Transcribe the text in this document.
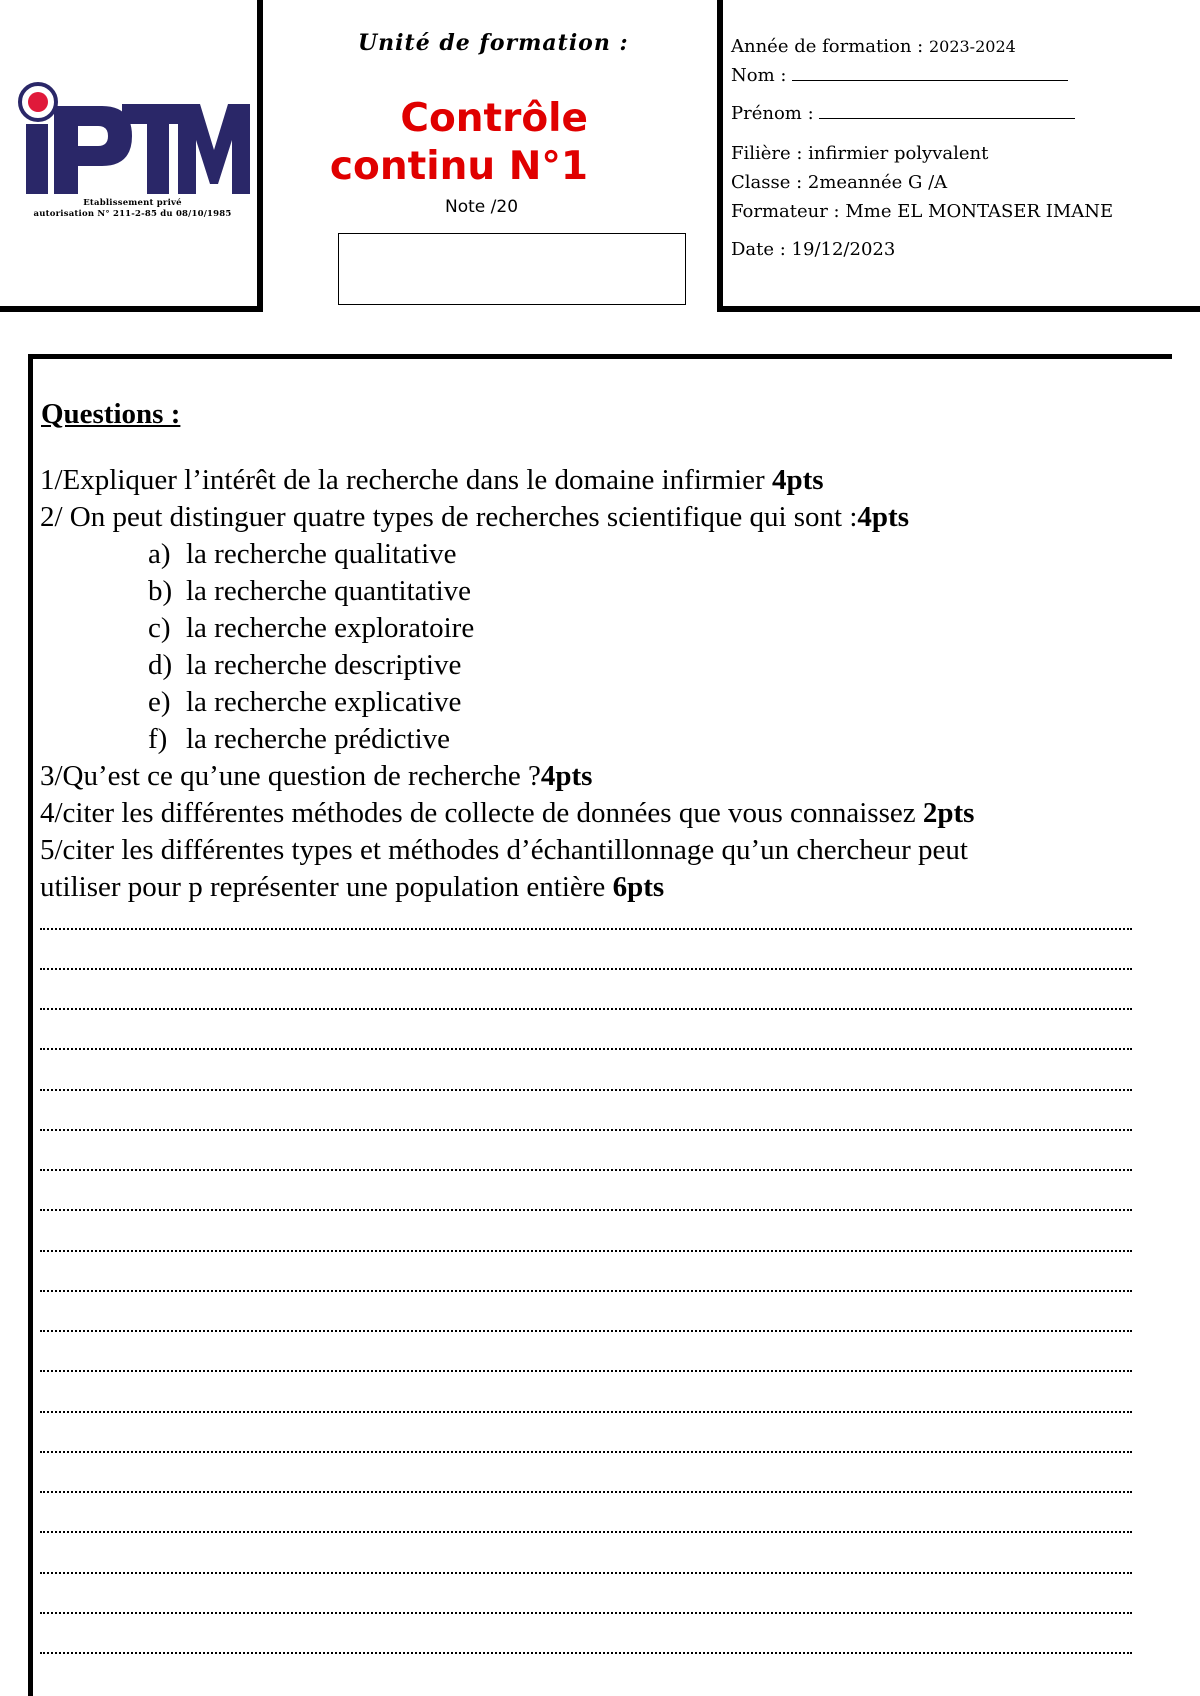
Etablissement privé
autorisation N° 211-2-85 du 08/10/1985
Unité de formation :
Contrôle
continu N°1
Note /20
Année de formation : 2023-2024
Nom :
Prénom :
Filière : infirmier polyvalent
Classe : 2meannée G /A
Formateur : Mme EL MONTASER IMANE
Date : 19/12/2023
Questions :
1/Expliquer l’intérêt de la recherche dans le domaine infirmier 4pts
2/ On peut distinguer quatre types de recherches scientifique qui sont :4pts
a) la recherche qualitative
b) la recherche quantitative
c) la recherche exploratoire
d) la recherche descriptive
e) la recherche explicative
f) la recherche prédictive
3/Qu’est ce qu’une question de recherche ?4pts
4/citer les différentes méthodes de collecte de données que vous connaissez 2pts
5/citer les différentes types et méthodes d’échantillonnage qu’un chercheur peut
utiliser pour p représenter une population entière 6pts
